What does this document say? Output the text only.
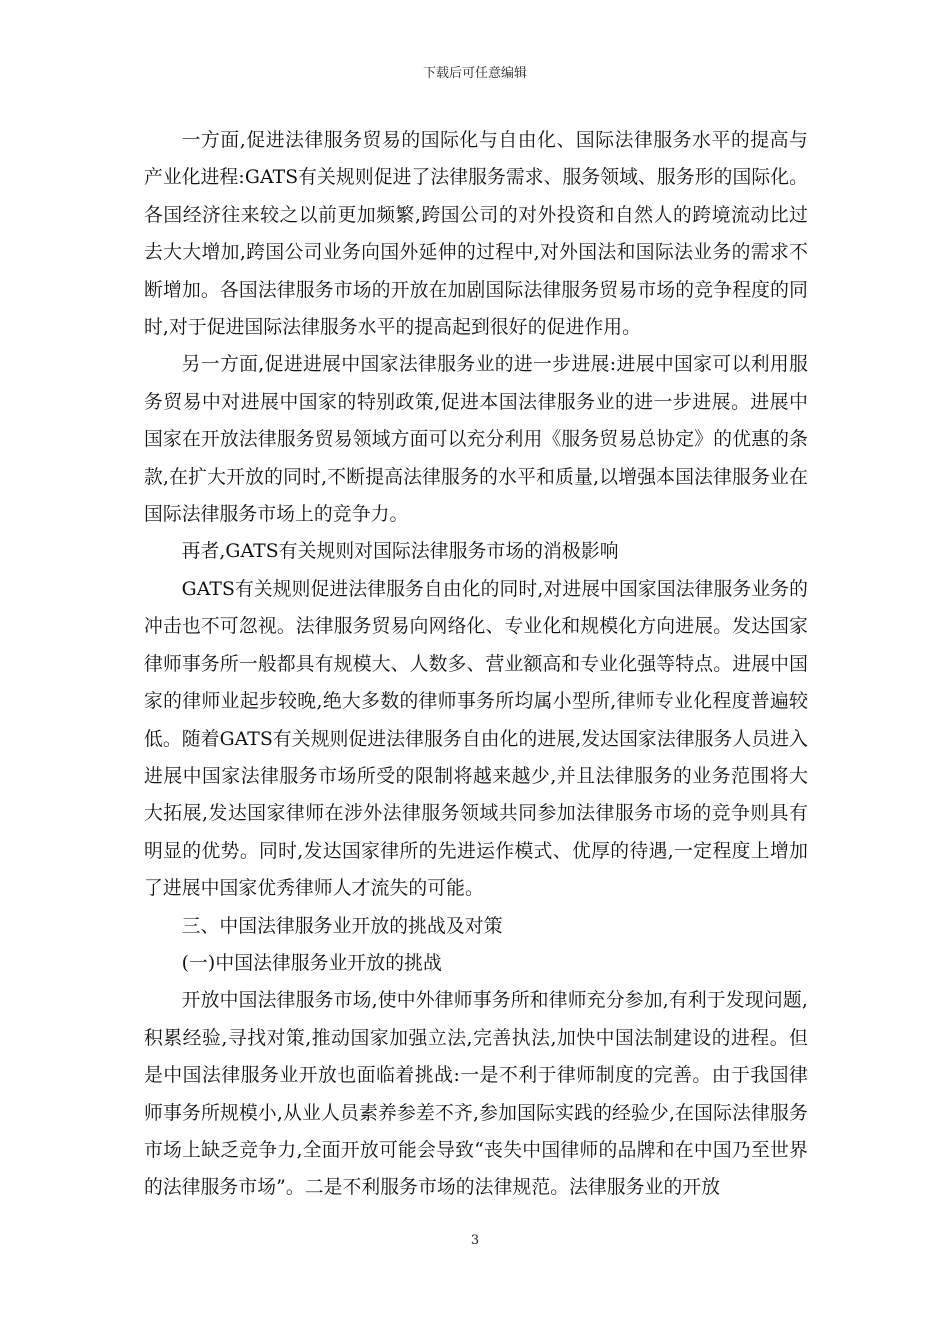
下载后可任意编辑

一方面,促进法律服务贸易的国际化与自由化、国际法律服务水平的提高与产业化进程:GATS有关规则促进了法律服务需求、服务领域、服务形的国际化。各国经济往来较之以前更加频繁,跨国公司的对外投资和自然人的跨境流动比过去大大增加,跨国公司业务向国外延伸的过程中,对外国法和国际法业务的需求不断增加。各国法律服务市场的开放在加剧国际法律服务贸易市场的竞争程度的同时,对于促进国际法律服务水平的提高起到很好的促进作用。

另一方面,促进进展中国家法律服务业的进一步进展:进展中国家可以利用服务贸易中对进展中国家的特别政策,促进本国法律服务业的进一步进展。进展中国家在开放法律服务贸易领域方面可以充分利用《服务贸易总协定》的优惠的条款,在扩大开放的同时,不断提高法律服务的水平和质量,以增强本国法律服务业在国际法律服务市场上的竞争力。

再者,GATS有关规则对国际法律服务市场的消极影响

GATS有关规则促进法律服务自由化的同时,对进展中国家国法律服务业务的冲击也不可忽视。法律服务贸易向网络化、专业化和规模化方向进展。发达国家律师事务所一般都具有规模大、人数多、营业额高和专业化强等特点。进展中国家的律师业起步较晚,绝大多数的律师事务所均属小型所,律师专业化程度普遍较低。随着GATS有关规则促进法律服务自由化的进展,发达国家法律服务人员进入进展中国家法律服务市场所受的限制将越来越少,并且法律服务的业务范围将大大拓展,发达国家律师在涉外法律服务领域共同参加法律服务市场的竞争则具有明显的优势。同时,发达国家律所的先进运作模式、优厚的待遇,一定程度上增加了进展中国家优秀律师人才流失的可能。

三、中国法律服务业开放的挑战及对策

(一)中国法律服务业开放的挑战

开放中国法律服务市场,使中外律师事务所和律师充分参加,有利于发现问题,积累经验,寻找对策,推动国家加强立法,完善执法,加快中国法制建设的进程。但是中国法律服务业开放也面临着挑战:一是不利于律师制度的完善。由于我国律师事务所规模小,从业人员素养参差不齐,参加国际实践的经验少,在国际法律服务市场上缺乏竞争力,全面开放可能会导致“丧失中国律师的品牌和在中国乃至世界的法律服务市场”。二是不利服务市场的法律规范。法律服务业的开放

3
